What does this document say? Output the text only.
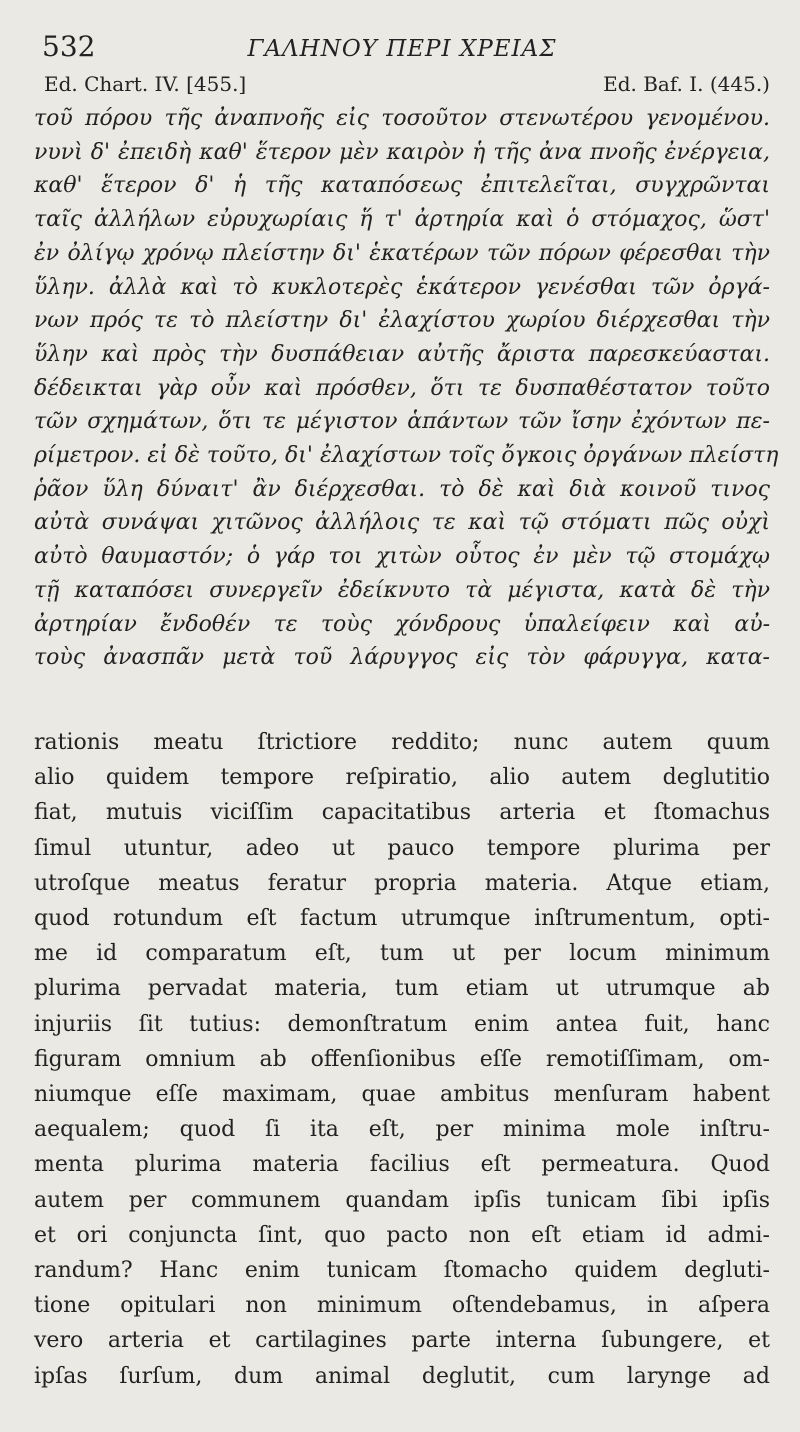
532	ΓΑΛΗΝΟΥ ΠΕΡΙ ΧΡΕΙΑΣ
Ed. Chart. IV. [455.]	Ed. Baf. I. (445.)
τοῦ πόρου τῆς ἀναπνοῆς εἰς τοσοῦτον στενωτέρου γενομένου.
νυνὶ δ' ἐπειδὴ καθ' ἕτερον μὲν καιρὸν ἡ τῆς ἀνα πνοῆς ἐνέργεια,
καθ' ἕτερον δ' ἡ τῆς καταπόσεως ἐπιτελεῖται, συγχρῶνται
ταῖς ἀλλήλων εὐρυχωρίαις ἥ τ' ἀρτηρία καὶ ὁ στόμαχος, ὥστ'
ἐν ὀλίγῳ χρόνῳ πλείστην δι' ἑκατέρων τῶν πόρων φέρεσθαι τὴν
ὕλην. ἀλλὰ καὶ τὸ κυκλοτερὲς ἑκάτερον γενέσθαι τῶν ὀργά-
νων πρός τε τὸ πλείστην δι' ἐλαχίστου χωρίου διέρχεσθαι τὴν
ὕλην καὶ πρὸς τὴν δυσπάθειαν αὐτῆς ἄριστα παρεσκεύασται.
δέδεικται γὰρ οὖν καὶ πρόσθεν, ὅτι τε δυσπαθέστατον τοῦτο
τῶν σχημάτων, ὅτι τε μέγιστον ἁπάντων τῶν ἴσην ἐχόντων πε-
ρίμετρον. εἰ δὲ τοῦτο, δι' ἐλαχίστων τοῖς ὄγκοις ὀργάνων πλείστη
ῥᾶον ὕλη δύναιτ' ἂν διέρχεσθαι. τὸ δὲ καὶ διὰ κοινοῦ τινος
αὐτὰ συνάψαι χιτῶνος ἀλλήλοις τε καὶ τῷ στόματι πῶς οὐχὶ
αὐτὸ θαυμαστόν; ὁ γάρ τοι χιτὼν οὗτος ἐν μὲν τῷ στομάχῳ
τῇ καταπόσει συνεργεῖν ἐδείκνυτο τὰ μέγιστα, κατὰ δὲ τὴν
ἀρτηρίαν ἔνδοθέν τε τοὺς χόνδρους ὑπαλείφειν καὶ αὐ-
τοὺς ἀνασπᾶν μετὰ τοῦ λάρυγγος εἰς τὸν φάρυγγα, κατα-
rationis meatu ſtrictiore reddito; nunc autem quum
alio quidem tempore reſpiratio, alio autem deglutitio
fiat, mutuis viciſſim capacitatibus arteria et ſtomachus
ſimul utuntur, adeo ut pauco tempore plurima per
utroſque meatus feratur propria materia. Atque etiam,
quod rotundum eſt factum utrumque inſtrumentum, opti-
me id comparatum eſt, tum ut per locum minimum
plurima pervadat materia, tum etiam ut utrumque ab
injuriis ſit tutius: demonſtratum enim antea fuit, hanc
figuram omnium ab offenſionibus eſſe remotiſſimam, om-
niumque eſſe maximam, quae ambitus menſuram habent
aequalem; quod ſi ita eſt, per minima mole inſtru-
menta plurima materia facilius eſt permeatura. Quod
autem per communem quandam ipſis tunicam ſibi ipſis
et ori conjuncta ſint, quo pacto non eſt etiam id admi-
randum? Hanc enim tunicam ſtomacho quidem degluti-
tione opitulari non minimum oſtendebamus, in aſpera
vero arteria et cartilagines parte interna ſubungere, et
ipſas ſurſum, dum animal deglutit, cum larynge ad
